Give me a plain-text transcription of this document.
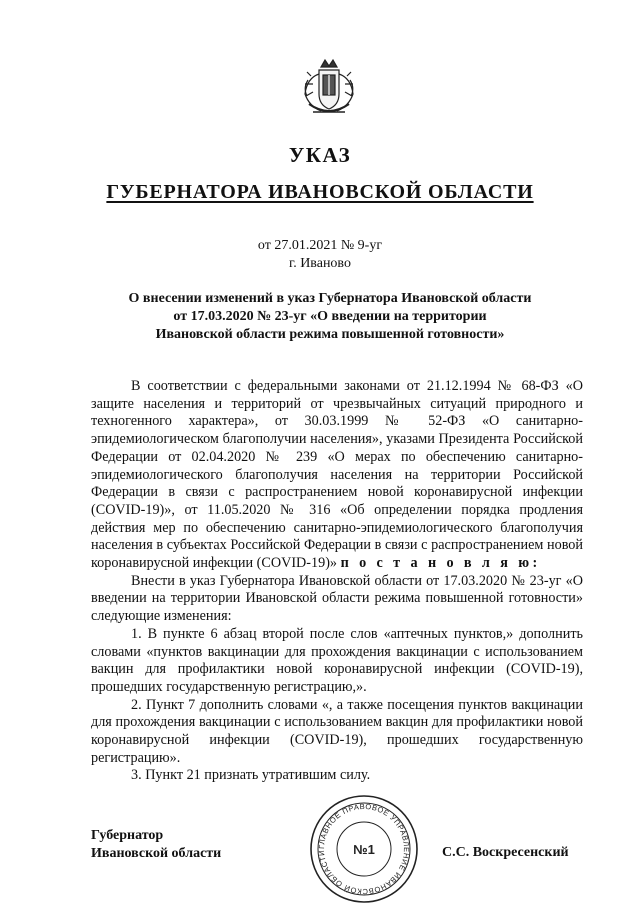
УКАЗ
ГУБЕРНАТОРА ИВАНОВСКОЙ ОБЛАСТИ
от 27.01.2021 № 9-уг
г. Иваново
О внесении изменений в указ Губернатора Ивановской области
от 17.03.2020 № 23-уг «О введении на территории
Ивановской области режима повышенной готовности»

В соответствии с федеральными законами от 21.12.1994 № 68-ФЗ «О защите населения и территорий от чрезвычайных ситуаций природного и техногенного характера», от 30.03.1999 № 52-ФЗ «О санитарно-эпидемиологическом благополучии населения», указами Президента Российской Федерации от 02.04.2020 № 239 «О мерах по обеспечению санитарно-эпидемиологического благополучия населения на территории Российской Федерации в связи с распространением новой коронавирусной инфекции (COVID-19)», от 11.05.2020 № 316 «Об определении порядка продления действия мер по обеспечению санитарно-эпидемиологического благополучия населения в субъектах Российской Федерации в связи с распространением новой коронавирусной инфекции (COVID-19)» п о с т а н о в л я ю:

Внести в указ Губернатора Ивановской области от 17.03.2020 № 23-уг «О введении на территории Ивановской области режима повышенной готовности» следующие изменения:

1. В пункте 6 абзац второй после слов «аптечных пунктов,» дополнить словами «пунктов вакцинации для прохождения вакцинации с использованием вакцин для профилактики новой коронавирусной инфекции (COVID-19), прошедших государственную регистрацию,».

2. Пункт 7 дополнить словами «, а также посещения пунктов вакцинации для прохождения вакцинации с использованием вакцин для профилактики новой коронавирусной инфекции (COVID-19), прошедших государственную регистрацию».

3. Пункт 21 признать утратившим силу.

Губернатор
Ивановской области	С.С. Воскресенский
ГЛАВНОЕ ПРАВОВОЕ УПРАВЛЕНИЕ ИВАНОВСКОЙ ОБЛАСТИ	№1
